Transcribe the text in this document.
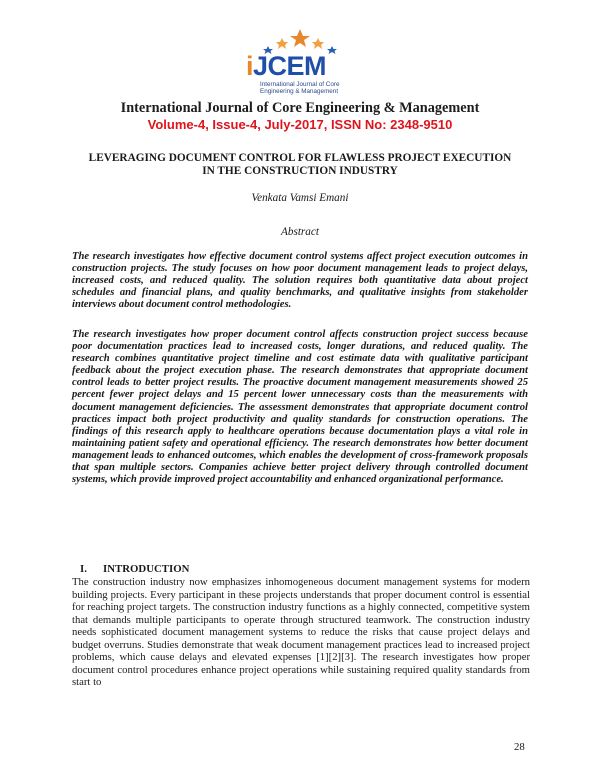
iJCEM
International Journal of Core
Engineering & Management
International Journal of Core Engineering & Management
Volume-4, Issue-4, July-2017, ISSN No: 2348-9510
LEVERAGING DOCUMENT CONTROL FOR FLAWLESS PROJECT EXECUTION
IN THE CONSTRUCTION INDUSTRY
Venkata Vamsi Emani
Abstract
The research investigates how effective document control systems affect project execution outcomes in construction projects. The study focuses on how poor document management leads to project delays, increased costs, and reduced quality. The solution requires both quantitative data about project schedules and financial plans, and quality benchmarks, and qualitative insights from stakeholder interviews about document control methodologies.
The research investigates how proper document control affects construction project success because poor documentation practices lead to increased costs, longer durations, and reduced quality. The research combines quantitative project timeline and cost estimate data with qualitative participant feedback about the project execution phase. The research demonstrates that appropriate document control leads to better project results. The proactive document management measurements showed 25 percent fewer project delays and 15 percent lower unnecessary costs than the measurements with document management deficiencies. The assessment demonstrates that appropriate document control practices impact both project productivity and quality standards for construction operations. The findings of this research apply to healthcare operations because documentation plays a vital role in maintaining patient safety and operational efficiency. The research demonstrates how better document management leads to enhanced outcomes, which enables the development of cross-framework proposals that span multiple sectors. Companies achieve better project delivery through controlled document systems, which provide improved project accountability and enhanced organizational performance.
I. INTRODUCTION
The construction industry now emphasizes inhomogeneous document management systems for modern building projects. Every participant in these projects understands that proper document control is essential for reaching project targets. The construction industry functions as a highly connected, competitive system that demands multiple participants to operate through structured teamwork. The construction industry needs sophisticated document management systems to reduce the risks that cause project delays and budget overruns. Studies demonstrate that weak document management practices lead to increased project problems, which cause delays and elevated expenses [1][2][3]. The research investigates how proper document control procedures enhance project operations while sustaining required quality standards from start to
28
